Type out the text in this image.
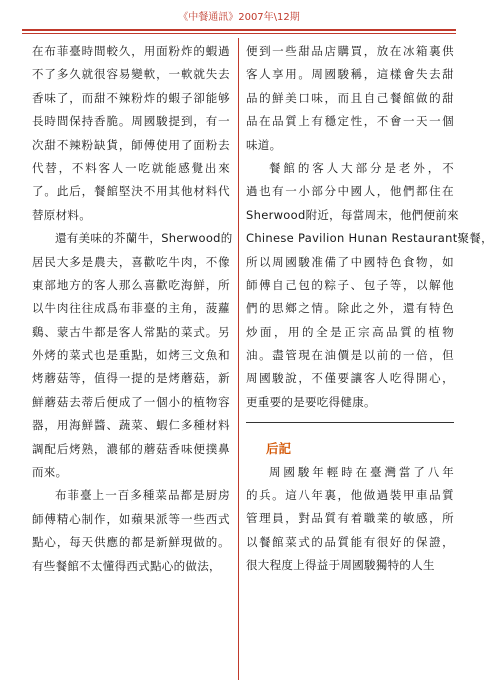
《中餐通訊》2007年\12期
在布菲臺時間較久，用面粉炸的蝦過
不了多久就很容易變軟，一軟就失去
香味了，而甜不辣粉炸的蝦子卻能够
長時間保持香脆。周國駿提到，有一
次甜不辣粉缺貨，師傅使用了面粉去
代替，不料客人一吃就能感覺出來
了。此后，餐館堅決不用其他材料代
替原材料。
還有美味的芥蘭牛，Sherwood的
居民大多是農夫，喜歡吃牛肉，不像
東部地方的客人那么喜歡吃海鮮，所
以牛肉往往成爲布菲臺的主角，菠蘿
鷄、蒙古牛都是客人常點的菜式。另
外烤的菜式也是重點，如烤三文魚和
烤蘑菇等，值得一提的是烤蘑菇，新
鮮蘑菇去蒂后便成了一個小的植物容
器，用海鮮醬、蔬菜、蝦仁多種材料
調配后烤熟，濃郁的蘑菇香味便撲鼻
而來。
布菲臺上一百多種菜品都是厨房
師傅精心制作，如蘋果派等一些西式
點心，每天供應的都是新鮮現做的。
有些餐館不太懂得西式點心的做法，
便到一些甜品店購買，放在冰箱裏供
客人享用。周國駿稱，這樣會失去甜
品的鮮美口味，而且自己餐館做的甜
品在品質上有穩定性，不會一天一個
味道。
餐館的客人大部分是老外，不
過也有一小部分中國人，他們都住在
Sherwood附近，每當周末，他們便前來
Chinese Pavilion Hunan Restaurant聚餐，
所以周國駿准備了中國特色食物，如
師傅自己包的粽子、包子等，以解他
們的思鄉之情。除此之外，還有特色
炒面，用的全是正宗高品質的植物
油。盡管現在油價是以前的一倍，但
周國駿說，不僅要讓客人吃得開心，
更重要的是要吃得健康。
后記
周國駿年輕時在臺灣當了八年
的兵。這八年裏，他做過裝甲車品質
管理員，對品質有着職業的敏感，所
以餐館菜式的品質能有很好的保證，
很大程度上得益于周國駿獨特的人生
